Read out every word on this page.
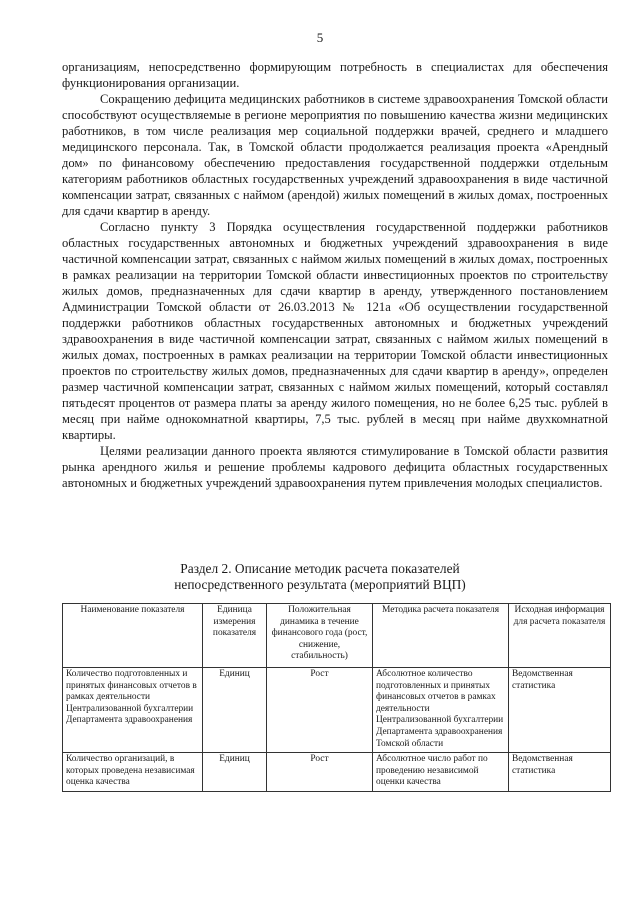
5

организациям, непосредственно формирующим потребность в специалистах для обеспечения функционирования организации.

Сокращению дефицита медицинских работников в системе здравоохранения Томской области способствуют осуществляемые в регионе мероприятия по повышению качества жизни медицинских работников, в том числе реализация мер социальной поддержки врачей, среднего и младшего медицинского персонала. Так, в Томской области продолжается реализация проекта «Арендный дом» по финансовому обеспечению предоставления государственной поддержки отдельным категориям работников областных государственных учреждений здравоохранения в виде частичной компенсации затрат, связанных с наймом (арендой) жилых помещений в жилых домах, построенных для сдачи квартир в аренду.

Согласно пункту 3 Порядка осуществления государственной поддержки работников областных государственных автономных и бюджетных учреждений здравоохранения в виде частичной компенсации затрат, связанных с наймом жилых помещений в жилых домах, построенных в рамках реализации на территории Томской области инвестиционных проектов по строительству жилых домов, предназначенных для сдачи квартир в аренду, утвержденного постановлением Администрации Томской области от 26.03.2013 № 121а «Об осуществлении государственной поддержки работников областных государственных автономных и бюджетных учреждений здравоохранения в виде частичной компенсации затрат, связанных с наймом жилых помещений в жилых домах, построенных в рамках реализации на территории Томской области инвестиционных проектов по строительству жилых домов, предназначенных для сдачи квартир в аренду», определен размер частичной компенсации затрат, связанных с наймом жилых помещений, который составлял пятьдесят процентов от размера платы за аренду жилого помещения, но не более 6,25 тыс. рублей в месяц при найме однокомнатной квартиры, 7,5 тыс. рублей в месяц при найме двухкомнатной квартиры.

Целями реализации данного проекта являются стимулирование в Томской области развития рынка арендного жилья и решение проблемы кадрового дефицита областных государственных автономных и бюджетных учреждений здравоохранения путем привлечения молодых специалистов.

Раздел 2. Описание методик расчета показателей
непосредственного результата (мероприятий ВЦП)
Наименование показателя	Единица измерения показателя	Положительная динамика в течение финансового года (рост, снижение, стабильность)	Методика расчета показателя	Исходная информация для расчета показателя
Количество подготовленных и принятых финансовых отчетов в рамках деятельности Централизованной бухгалтерии Департамента здравоохранения	Единиц	Рост	Абсолютное количество подготовленных и принятых финансовых отчетов в рамках деятельности Централизованной бухгалтерии Департамента здравоохранения Томской области	Ведомственная статистика
Количество организаций, в которых проведена независимая оценка качества	Единиц	Рост	Абсолютное число работ по проведению независимой оценки качества	Ведомственная статистика
